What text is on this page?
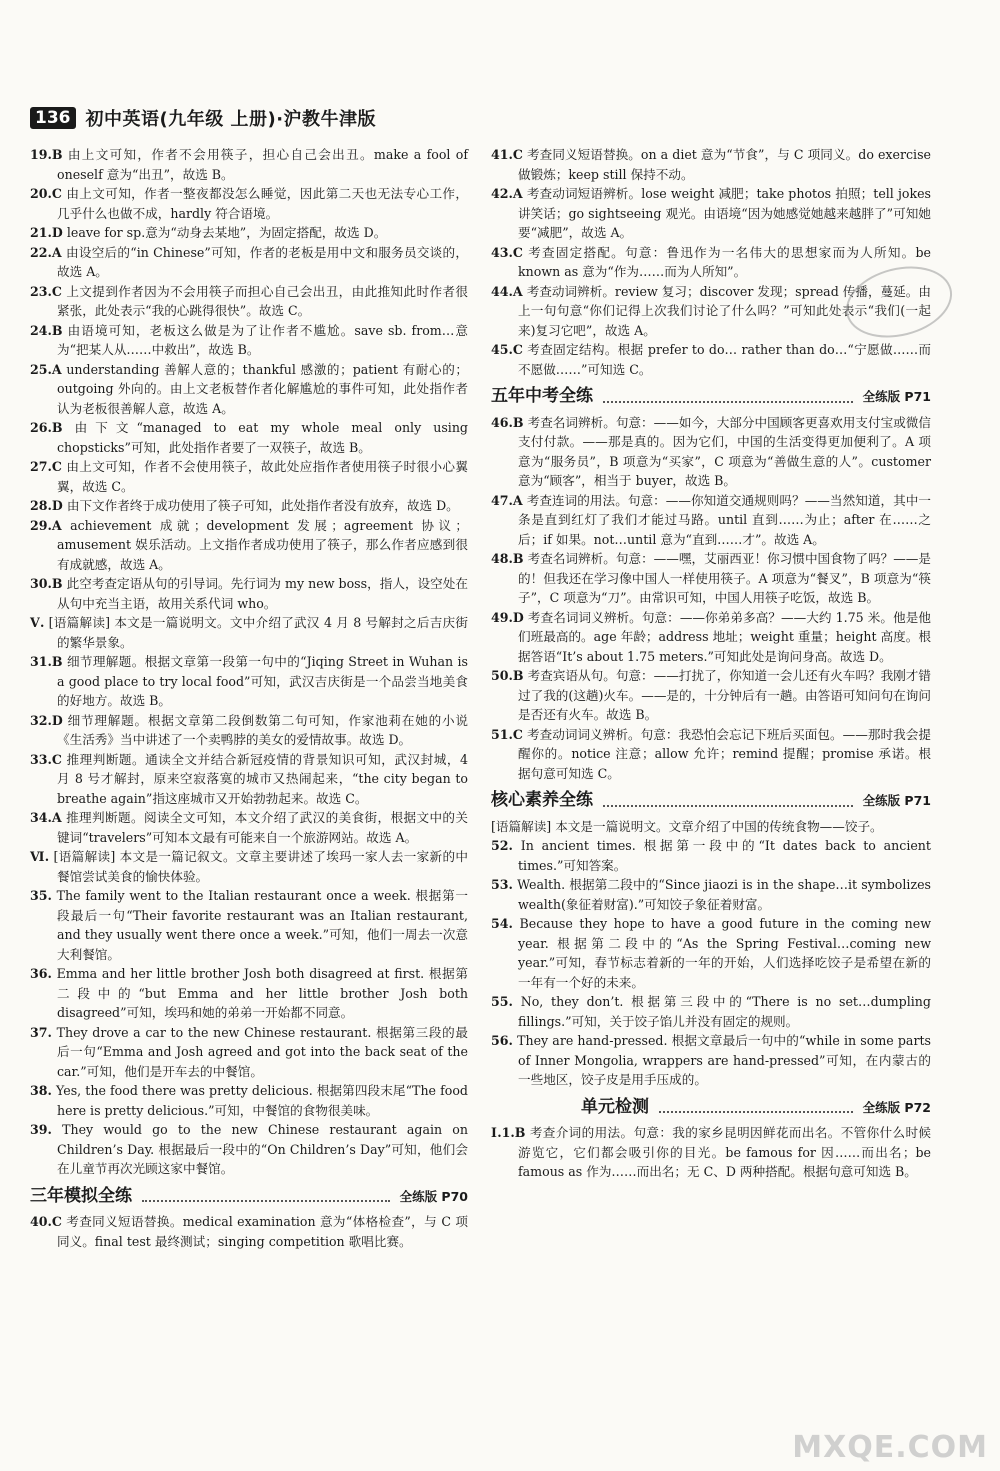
136 初中英语(九年级 上册)·沪教牛津版

19.B 由上文可知，作者不会用筷子，担心自己会出丑。make a fool of oneself 意为“出丑”，故选 B。

20.C 由上文可知，作者一整夜都没怎么睡觉，因此第二天也无法专心工作，几乎什么也做不成，hardly 符合语境。

21.D leave for sp.意为“动身去某地”，为固定搭配，故选 D。

22.A 由设空后的“in Chinese”可知，作者的老板是用中文和服务员交谈的，故选 A。

23.C 上文提到作者因为不会用筷子而担心自己会出丑，由此推知此时作者很紧张，此处表示“我的心跳得很快”。故选 C。

24.B 由语境可知，老板这么做是为了让作者不尴尬。save sb. from…意为“把某人从……中救出”，故选 B。

25.A understanding 善解人意的；thankful 感激的；patient 有耐心的；outgoing 外向的。由上文老板替作者化解尴尬的事件可知，此处指作者认为老板很善解人意，故选 A。

26.B 由下文“managed to eat my whole meal only using chopsticks”可知，此处指作者要了一双筷子，故选 B。

27.C 由上文可知，作者不会使用筷子，故此处应指作者使用筷子时很小心翼翼，故选 C。

28.D 由下文作者终于成功使用了筷子可知，此处指作者没有放弃，故选 D。

29.A achievement 成就；development 发展；agreement 协议；amusement 娱乐活动。上文指作者成功使用了筷子，那么作者应感到很有成就感，故选 A。

30.B 此空考查定语从句的引导词。先行词为 my new boss，指人，设空处在从句中充当主语，故用关系代词 who。

Ⅴ. [语篇解读] 本文是一篇说明文。文中介绍了武汉 4 月 8 号解封之后吉庆街的繁华景象。

31.B 细节理解题。根据文章第一段第一句中的“Jiqing Street in Wuhan is a good place to try local food”可知，武汉吉庆街是一个品尝当地美食的好地方。故选 B。

32.D 细节理解题。根据文章第二段倒数第二句可知，作家池莉在她的小说《生活秀》当中讲述了一个卖鸭脖的美女的爱情故事。故选 D。

33.C 推理判断题。通读全文并结合新冠疫情的背景知识可知，武汉封城，4 月 8 号才解封，原来空寂落寞的城市又热闹起来，“the city began to breathe again”指这座城市又开始勃勃起来。故选 C。

34.A 推理判断题。阅读全文可知，本文介绍了武汉的美食街，根据文中的关键词“travelers”可知本文最有可能来自一个旅游网站。故选 A。

Ⅵ. [语篇解读] 本文是一篇记叙文。文章主要讲述了埃玛一家人去一家新的中餐馆尝试美食的愉快体验。

35. The family went to the Italian restaurant once a week. 根据第一段最后一句“Their favorite restaurant was an Italian restaurant, and they usually went there once a week.”可知，他们一周去一次意大利餐馆。

36. Emma and her little brother Josh both disagreed at first. 根据第二段中的“but Emma and her little brother Josh both disagreed”可知，埃玛和她的弟弟一开始都不同意。

37. They drove a car to the new Chinese restaurant. 根据第三段的最后一句“Emma and Josh agreed and got into the back seat of the car.”可知，他们是开车去的中餐馆。

38. Yes, the food there was pretty delicious. 根据第四段末尾“The food here is pretty delicious.”可知，中餐馆的食物很美味。

39. They would go to the new Chinese restaurant again on Children’s Day. 根据最后一段中的“On Children’s Day”可知，他们会在儿童节再次光顾这家中餐馆。

三年模拟全练	全练版 P70

40.C 考查同义短语替换。medical examination 意为“体格检查”，与 C 项同义。final test 最终测试；singing competition 歌唱比赛。

41.C 考查同义短语替换。on a diet 意为“节食”，与 C 项同义。do exercise 做锻炼；keep still 保持不动。

42.A 考查动词短语辨析。lose weight 减肥；take photos 拍照；tell jokes 讲笑话；go sightseeing 观光。由语境“因为她感觉她越来越胖了”可知她要“减肥”，故选 A。

43.C 考查固定搭配。句意：鲁迅作为一名伟大的思想家而为人所知。be known as 意为“作为……而为人所知”。

44.A 考查动词辨析。review 复习；discover 发现；spread 传播，蔓延。由上一句句意“你们记得上次我们讨论了什么吗？”可知此处表示“我们(一起来)复习它吧”，故选 A。

45.C 考查固定结构。根据 prefer to do… rather than do…“宁愿做……而不愿做……”可知选 C。

五年中考全练	全练版 P71

46.B 考查名词辨析。句意：——如今，大部分中国顾客更喜欢用支付宝或微信支付付款。——那是真的。因为它们，中国的生活变得更加便利了。A 项意为“服务员”，B 项意为“买家”，C 项意为“善做生意的人”。customer 意为“顾客”，相当于 buyer，故选 B。

47.A 考查连词的用法。句意：——你知道交通规则吗？——当然知道，其中一条是直到红灯了我们才能过马路。until 直到……为止；after 在……之后；if 如果。not…until 意为“直到……才”。故选 A。

48.B 考查名词辨析。句意：——嘿，艾丽西亚！你习惯中国食物了吗？——是的！但我还在学习像中国人一样使用筷子。A 项意为“餐叉”，B 项意为“筷子”，C 项意为“刀”。由常识可知，中国人用筷子吃饭，故选 B。

49.D 考查名词词义辨析。句意：——你弟弟多高？——大约 1.75 米。他是他们班最高的。age 年龄；address 地址；weight 重量；height 高度。根据答语“It’s about 1.75 meters.”可知此处是询问身高。故选 D。

50.B 考查宾语从句。句意：——打扰了，你知道一会儿还有火车吗？我刚才错过了我的(这趟)火车。——是的，十分钟后有一趟。由答语可知问句在询问是否还有火车。故选 B。

51.C 考查动词词义辨析。句意：我恐怕会忘记下班后买面包。——那时我会提醒你的。notice 注意；allow 允许；remind 提醒；promise 承诺。根据句意可知选 C。

核心素养全练	全练版 P71

[语篇解读] 本文是一篇说明文。文章介绍了中国的传统食物——饺子。

52. In ancient times. 根据第一段中的“It dates back to ancient times.”可知答案。

53. Wealth. 根据第二段中的“Since jiaozi is in the shape…it symbolizes wealth(象征着财富).”可知饺子象征着财富。

54. Because they hope to have a good future in the coming new year. 根据第二段中的“As the Spring Festival…coming new year.”可知，春节标志着新的一年的开始，人们选择吃饺子是希望在新的一年有一个好的未来。

55. No, they don’t. 根据第三段中的“There is no set…dumpling fillings.”可知，关于饺子馅儿并没有固定的规则。

56. They are hand-pressed. 根据文章最后一句中的“while in some parts of Inner Mongolia, wrappers are hand-pressed”可知，在内蒙古的一些地区，饺子皮是用手压成的。

单元检测	全练版 P72

Ⅰ.1.B 考查介词的用法。句意：我的家乡昆明因鲜花而出名。不管你什么时候游览它，它们都会吸引你的目光。be famous for 因……而出名；be famous as 作为……而出名；无 C、D 两种搭配。根据句意可知选 B。

MXQE.COM
